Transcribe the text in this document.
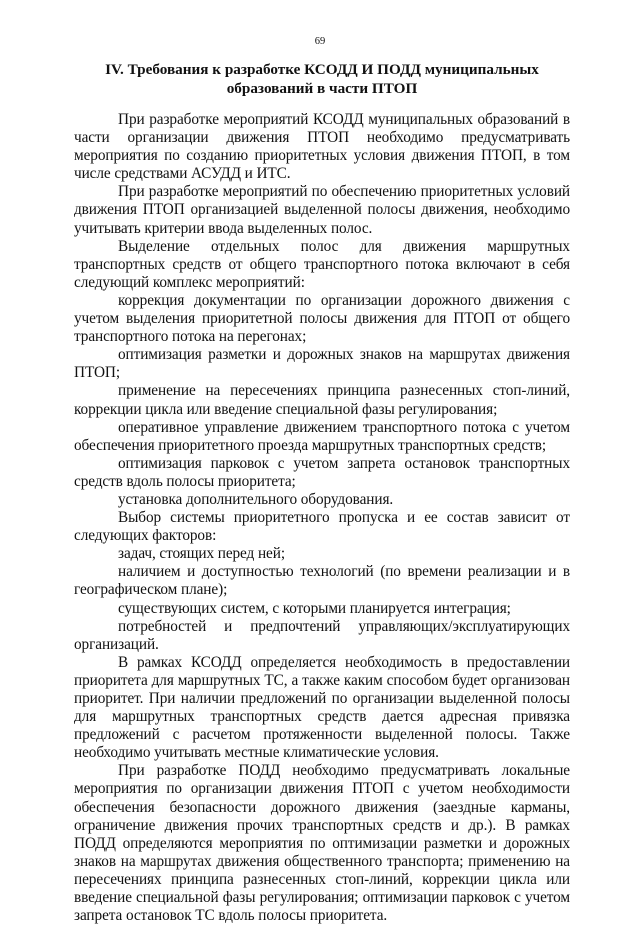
69
IV. Требования к разработке КСОДД И ПОДД муниципальных образований в части ПТОП

При разработке мероприятий КСОДД муниципальных образований в части организации движения ПТОП необходимо предусматривать мероприятия по созданию приоритетных условия движения ПТОП, в том числе средствами АСУДД и ИТС.

При разработке мероприятий по обеспечению приоритетных условий движения ПТОП организацией выделенной полосы движения, необходимо учитывать критерии ввода выделенных полос.

Выделение отдельных полос для движения маршрутных транспортных средств от общего транспортного потока включают в себя следующий комплекс мероприятий:

коррекция документации по организации дорожного движения с учетом выделения приоритетной полосы движения для ПТОП от общего транспортного потока на перегонах;

оптимизация разметки и дорожных знаков на маршрутах движения ПТОП;

применение на пересечениях принципа разнесенных стоп-линий, коррекции цикла или введение специальной фазы регулирования;

оперативное управление движением транспортного потока с учетом обеспечения приоритетного проезда маршрутных транспортных средств;

оптимизация парковок с учетом запрета остановок транспортных средств вдоль полосы приоритета;

установка дополнительного оборудования.

Выбор системы приоритетного пропуска и ее состав зависит от следующих факторов:

задач, стоящих перед ней;

наличием и доступностью технологий (по времени реализации и в географическом плане);

существующих систем, с которыми планируется интеграция;

потребностей и предпочтений управляющих/эксплуатирующих организаций.

В рамках КСОДД определяется необходимость в предоставлении приоритета для маршрутных ТС, а также каким способом будет организован приоритет. При наличии предложений по организации выделенной полосы для маршрутных транспортных средств дается адресная привязка предложений с расчетом протяженности выделенной полосы. Также необходимо учитывать местные климатические условия.

При разработке ПОДД необходимо предусматривать локальные мероприятия по организации движения ПТОП с учетом необходимости обеспечения безопасности дорожного движения (заездные карманы, ограничение движения прочих транспортных средств и др.). В рамках ПОДД определяются мероприятия по оптимизации разметки и дорожных знаков на маршрутах движения общественного транспорта; применению на пересечениях принципа разнесенных стоп-линий, коррекции цикла или введение специальной фазы регулирования; оптимизации парковок с учетом запрета остановок ТС вдоль полосы приоритета.
